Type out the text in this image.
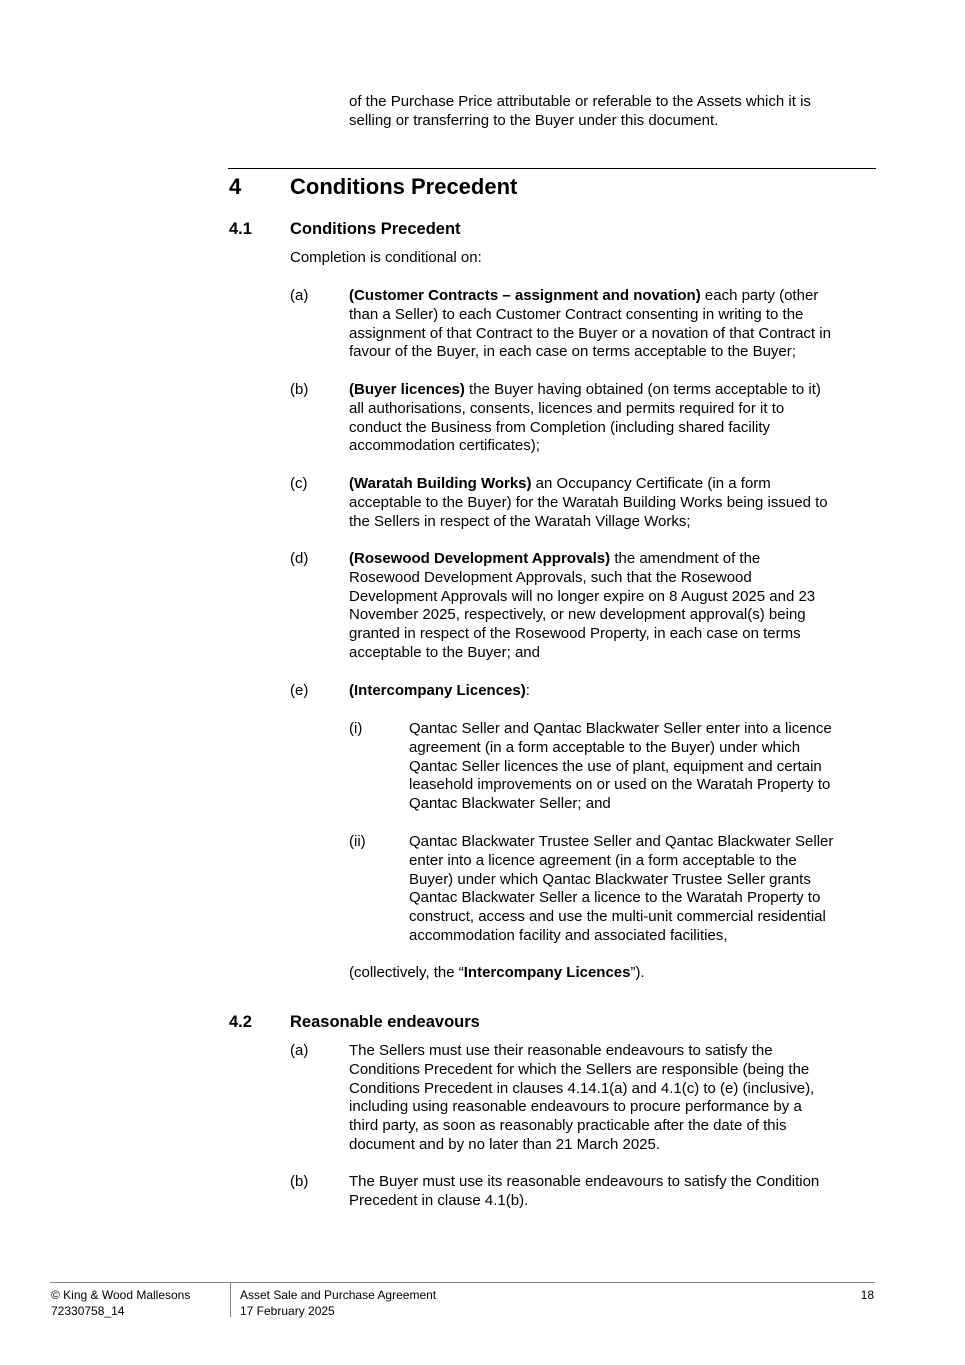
of the Purchase Price attributable or referable to the Assets which it is
selling or transferring to the Buyer under this document.

4 Conditions Precedent
4.1 Conditions Precedent

Completion is conditional on:

(a)	(Customer Contracts – assignment and novation) each party (other
than a Seller) to each Customer Contract consenting in writing to the
assignment of that Contract to the Buyer or a novation of that Contract in
favour of the Buyer, in each case on terms acceptable to the Buyer;

(b)	(Buyer licences) the Buyer having obtained (on terms acceptable to it)
all authorisations, consents, licences and permits required for it to
conduct the Business from Completion (including shared facility
accommodation certificates);

(c)	(Waratah Building Works) an Occupancy Certificate (in a form
acceptable to the Buyer) for the Waratah Building Works being issued to
the Sellers in respect of the Waratah Village Works;

(d)	(Rosewood Development Approvals) the amendment of the
Rosewood Development Approvals, such that the Rosewood
Development Approvals will no longer expire on 8 August 2025 and 23
November 2025, respectively, or new development approval(s) being
granted in respect of the Rosewood Property, in each case on terms
acceptable to the Buyer; and

(e)	(Intercompany Licences):

(i)	Qantac Seller and Qantac Blackwater Seller enter into a licence
agreement (in a form acceptable to the Buyer) under which
Qantac Seller licences the use of plant, equipment and certain
leasehold improvements on or used on the Waratah Property to
Qantac Blackwater Seller; and

(ii)	Qantac Blackwater Trustee Seller and Qantac Blackwater Seller
enter into a licence agreement (in a form acceptable to the
Buyer) under which Qantac Blackwater Trustee Seller grants
Qantac Blackwater Seller a licence to the Waratah Property to
construct, access and use the multi-unit commercial residential
accommodation facility and associated facilities,

(collectively, the “Intercompany Licences”).

4.2 Reasonable endeavours
(a)	The Sellers must use their reasonable endeavours to satisfy the
Conditions Precedent for which the Sellers are responsible (being the
Conditions Precedent in clauses 4.14.1(a) and 4.1(c) to (e) (inclusive),
including using reasonable endeavours to procure performance by a
third party, as soon as reasonably practicable after the date of this
document and by no later than 21 March 2025.

(b)	The Buyer must use its reasonable endeavours to satisfy the Condition
Precedent in clause 4.1(b).

© King & Wood Mallesons
72330758_14
Asset Sale and Purchase Agreement
17 February 2025
18
